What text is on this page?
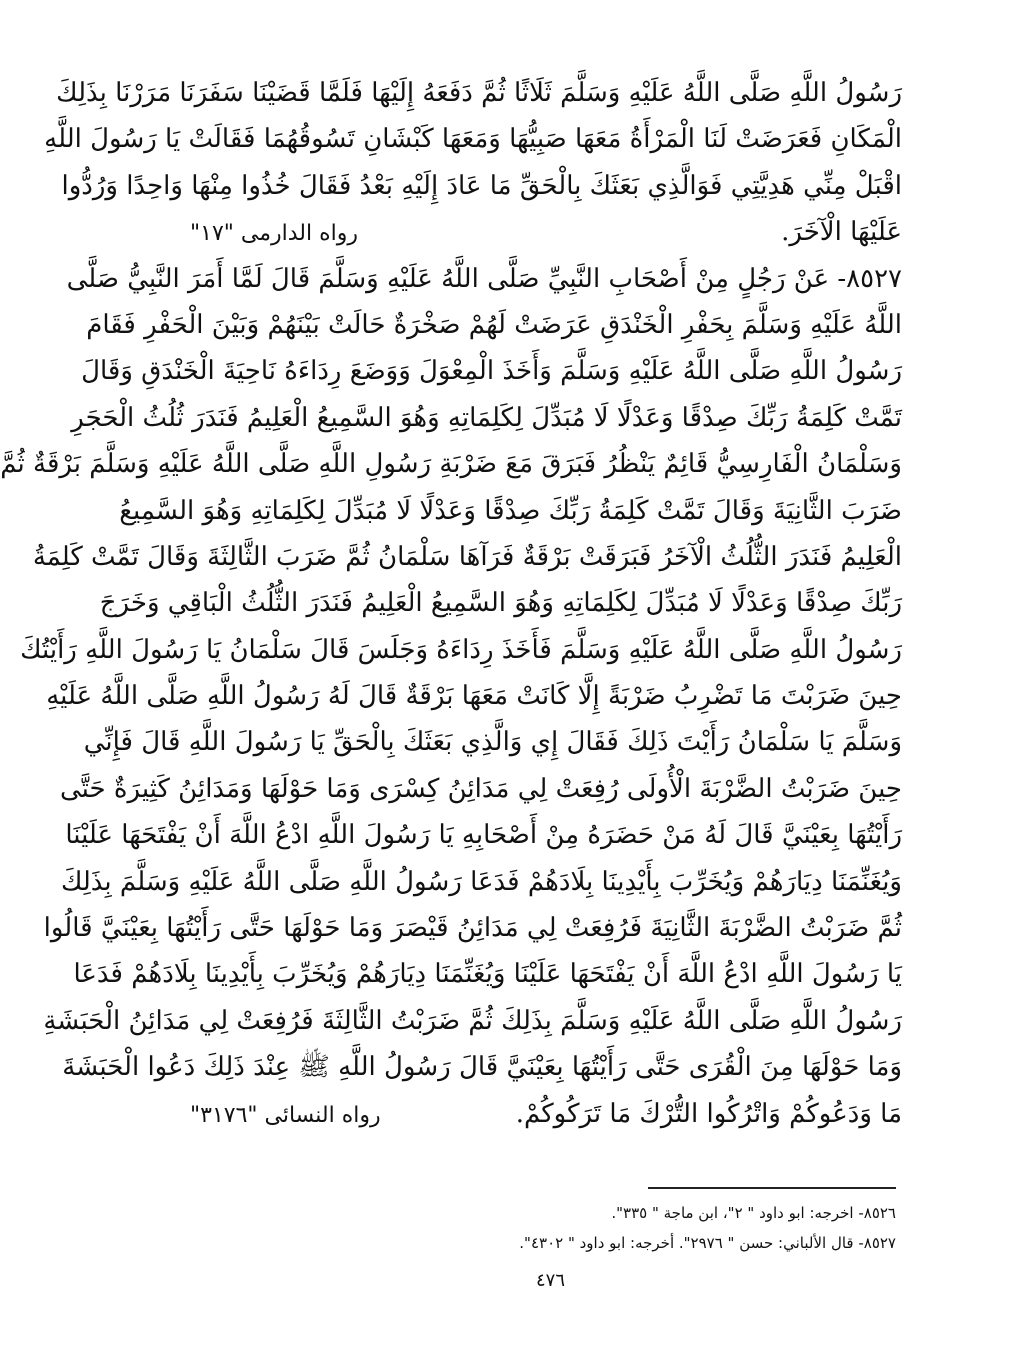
رَسُولُ اللَّهِ صَلَّى اللَّهُ عَلَيْهِ وَسَلَّمَ ثَلَاثًا ثُمَّ دَفَعَهُ إِلَيْهَا فَلَمَّا قَضَيْنَا سَفَرَنَا مَرَرْنَا بِذَلِكَ
الْمَكَانِ فَعَرَضَتْ لَنَا الْمَرْأَةُ مَعَهَا صَبِيُّهَا وَمَعَهَا كَبْشَانِ تَسُوقُهُمَا فَقَالَتْ يَا رَسُولَ اللَّهِ
اقْبَلْ مِنِّي هَدِيَّتِي فَوَالَّذِي بَعَثَكَ بِالْحَقِّ مَا عَادَ إِلَيْهِ بَعْدُ فَقَالَ خُذُوا مِنْهَا وَاحِدًا وَرُدُّوا
عَلَيْهَا الْآخَرَ.
رواه الدارمى "١٧"
٨٥٢٧- عَنْ رَجُلٍ مِنْ أَصْحَابِ النَّبِيِّ صَلَّى اللَّهُ عَلَيْهِ وَسَلَّمَ قَالَ لَمَّا أَمَرَ النَّبِيُّ صَلَّى
اللَّهُ عَلَيْهِ وَسَلَّمَ بِحَفْرِ الْخَنْدَقِ عَرَضَتْ لَهُمْ صَخْرَةٌ حَالَتْ بَيْنَهُمْ وَبَيْنَ الْحَفْرِ فَقَامَ
رَسُولُ اللَّهِ صَلَّى اللَّهُ عَلَيْهِ وَسَلَّمَ وَأَخَذَ الْمِعْوَلَ وَوَضَعَ رِدَاءَهُ نَاحِيَةَ الْخَنْدَقِ وَقَالَ
تَمَّتْ كَلِمَةُ رَبِّكَ صِدْقًا وَعَدْلًا لَا مُبَدِّلَ لِكَلِمَاتِهِ وَهُوَ السَّمِيعُ الْعَلِيمُ فَنَدَرَ ثُلُثُ الْحَجَرِ
وَسَلْمَانُ الْفَارِسِيُّ قَائِمٌ يَنْظُرُ فَبَرَقَ مَعَ ضَرْبَةِ رَسُولِ اللَّهِ صَلَّى اللَّهُ عَلَيْهِ وَسَلَّمَ بَرْقَةٌ ثُمَّ
ضَرَبَ الثَّانِيَةَ وَقَالَ تَمَّتْ كَلِمَةُ رَبِّكَ صِدْقًا وَعَدْلًا لَا مُبَدِّلَ لِكَلِمَاتِهِ وَهُوَ السَّمِيعُ
الْعَلِيمُ فَنَدَرَ الثُّلُثُ الْآخَرُ فَبَرَقَتْ بَرْقَةٌ فَرَآهَا سَلْمَانُ ثُمَّ ضَرَبَ الثَّالِثَةَ وَقَالَ تَمَّتْ كَلِمَةُ
رَبِّكَ صِدْقًا وَعَدْلًا لَا مُبَدِّلَ لِكَلِمَاتِهِ وَهُوَ السَّمِيعُ الْعَلِيمُ فَنَدَرَ الثُّلُثُ الْبَاقِي وَخَرَجَ
رَسُولُ اللَّهِ صَلَّى اللَّهُ عَلَيْهِ وَسَلَّمَ فَأَخَذَ رِدَاءَهُ وَجَلَسَ قَالَ سَلْمَانُ يَا رَسُولَ اللَّهِ رَأَيْتُكَ
حِينَ ضَرَبْتَ مَا تَضْرِبُ ضَرْبَةً إِلَّا كَانَتْ مَعَهَا بَرْقَةٌ قَالَ لَهُ رَسُولُ اللَّهِ صَلَّى اللَّهُ عَلَيْهِ
وَسَلَّمَ يَا سَلْمَانُ رَأَيْتَ ذَلِكَ فَقَالَ إِي وَالَّذِي بَعَثَكَ بِالْحَقِّ يَا رَسُولَ اللَّهِ قَالَ فَإِنِّي
حِينَ ضَرَبْتُ الضَّرْبَةَ الْأُولَى رُفِعَتْ لِي مَدَائِنُ كِسْرَى وَمَا حَوْلَهَا وَمَدَائِنُ كَثِيرَةٌ حَتَّى
رَأَيْتُهَا بِعَيْنَيَّ قَالَ لَهُ مَنْ حَضَرَهُ مِنْ أَصْحَابِهِ يَا رَسُولَ اللَّهِ ادْعُ اللَّهَ أَنْ يَفْتَحَهَا عَلَيْنَا
وَيُغَنِّمَنَا دِيَارَهُمْ وَيُخَرِّبَ بِأَيْدِينَا بِلَادَهُمْ فَدَعَا رَسُولُ اللَّهِ صَلَّى اللَّهُ عَلَيْهِ وَسَلَّمَ بِذَلِكَ
ثُمَّ ضَرَبْتُ الضَّرْبَةَ الثَّانِيَةَ فَرُفِعَتْ لِي مَدَائِنُ قَيْصَرَ وَمَا حَوْلَهَا حَتَّى رَأَيْتُهَا بِعَيْنَيَّ قَالُوا
يَا رَسُولَ اللَّهِ ادْعُ اللَّهَ أَنْ يَفْتَحَهَا عَلَيْنَا وَيُغَنِّمَنَا دِيَارَهُمْ وَيُخَرِّبَ بِأَيْدِينَا بِلَادَهُمْ فَدَعَا
رَسُولُ اللَّهِ صَلَّى اللَّهُ عَلَيْهِ وَسَلَّمَ بِذَلِكَ ثُمَّ ضَرَبْتُ الثَّالِثَةَ فَرُفِعَتْ لِي مَدَائِنُ الْحَبَشَةِ
وَمَا حَوْلَهَا مِنَ الْقُرَى حَتَّى رَأَيْتُهَا بِعَيْنَيَّ قَالَ رَسُولُ اللَّهِ ﷺ عِنْدَ ذَلِكَ دَعُوا الْحَبَشَةَ
مَا وَدَعُوكُمْ وَاتْرُكُوا التُّرْكَ مَا تَرَكُوكُمْ.
رواه النسائى "٣١٧٦"
٨٥٢٦- اخرجه: ابو داود " ٢"، ابن ماجة " ٣٣٥".
٨٥٢٧- قال الألباني: حسن " ٢٩٧٦". أخرجه: ابو داود " ٤٣٠٢".
٤٧٦
